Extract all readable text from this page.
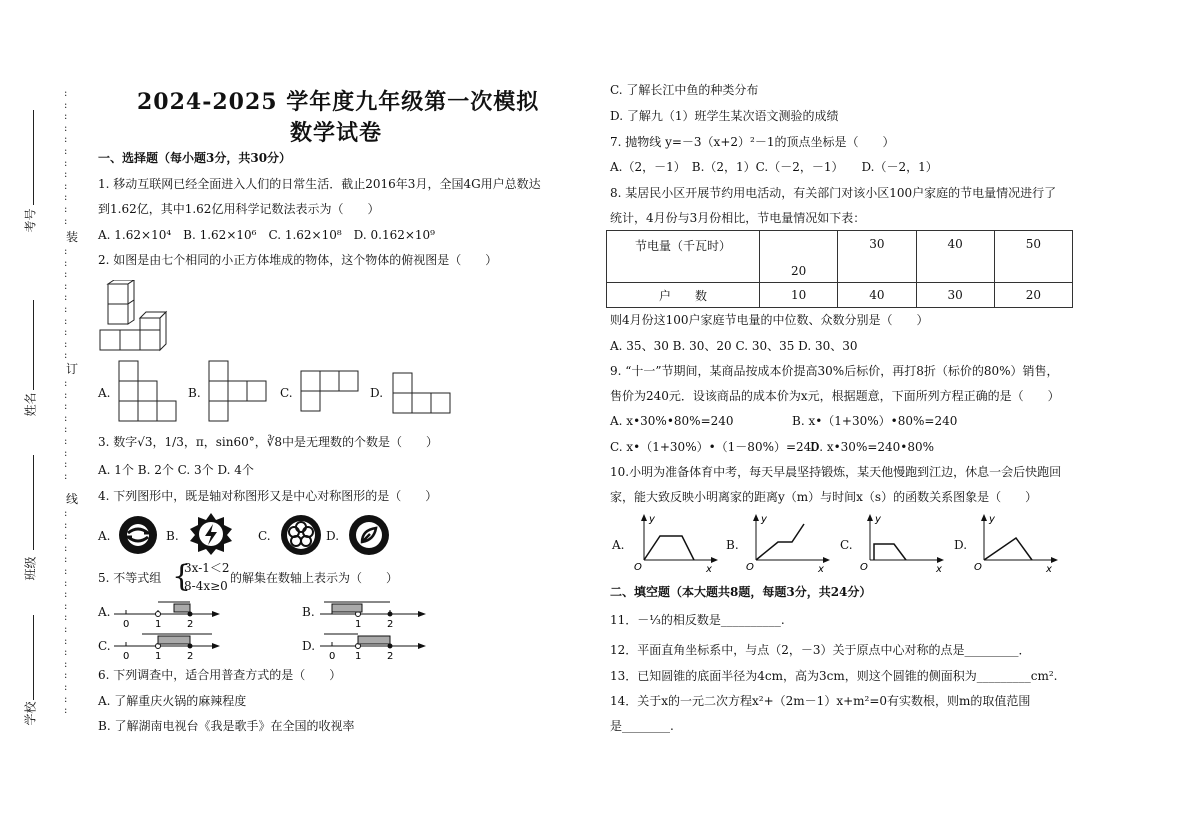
考号
姓名
班级
学校
:
:
:
:
:
:
:
:
:
:
:
:
装
:
:
:
:
:
:
:
:
:
:
订
:
:
:
:
:
:
:
:
:
线
:
:
:
:
:
:
:
:
:
:
:
:
:
:
:
:
:
:
2024-2025 学年度九年级第一次模拟
数学试卷
一、选择题（每小题3分，共30分）
1. 移动互联网已经全面进入人们的日常生活．截止2016年3月，全国4G用户总数达
到1.62亿，其中1.62亿用科学记数法表示为（　　）
A. 1.62×10⁴　B. 1.62×10⁶　C. 1.62×10⁸　D. 0.162×10⁹
2. 如图是由七个相同的小正方体堆成的物体，这个物体的俯视图是（　　）
A.	B.	C.	D.
3. 数字√3，1/3，π，sin60°，∛8中是无理数的个数是（　　）
A. 1个 B. 2个 C. 3个 D. 4个
4. 下列图形中，既是轴对称图形又是中心对称图形的是（　　）
A.	B.	C.	D.
5. 不等式组 {
3x-1＜2
8-4x≥0
的解集在数轴上表示为（　　）
A.
0	1	2
B.
1	2
C.
0	1	2
D.
0 1	2
6. 下列调查中，适合用普查方式的是（　　）
A. 了解重庆火锅的麻辣程度
B. 了解湖南电视台《我是歌手》在全国的收视率
C. 了解长江中鱼的种类分布
D. 了解九（1）班学生某次语文测验的成绩
7. 抛物线 y=－3（x+2）²－1的顶点坐标是（　　）
A.（2，－1）　B.（2，1）C.（－2，－1）　　D.（－2，1）
8. 某居民小区开展节约用电活动，有关部门对该小区100户家庭的节电量情况进行了
统计，4月份与3月份相比，节电量情况如下表：
节电量（千瓦时）	20	30	40	50
户　　数	10	40	30	20
则4月份这100户家庭节电量的中位数、众数分别是（　　）
A. 35、30 B. 30、20 C. 30、35 D. 30、30
9. “十一”节期间，某商品按成本价提高30%后标价，再打8折（标价的80%）销售，
售价为240元．设该商品的成本价为x元，根据题意，下面所列方程正确的是（　　）
A. x•30%•80%=240	B. x•（1+30%）•80%=240
C. x•（1+30%）•（1－80%）=240
D. x•30%=240•80%
10.小明为准备体育中考，每天早晨坚持锻炼，某天他慢跑到江边，休息一会后快跑回
家，能大致反映小明离家的距离y（m）与时间x（s）的函数关系图象是（　　）
A.
y
x
O
B.
y
x
O
C.
y
x
O
D.
y
x
O
二、填空题（本大题共8题，每题3分，共24分）
11．－⅓的相反数是__________.
12．平面直角坐标系中，与点（2，－3）关于原点中心对称的点是_________．
13．已知圆锥的底面半径为4cm，高为3cm，则这个圆锥的侧面积为_________cm².
14．关于x的一元二次方程x²+（2m－1）x+m²=0有实数根，则m的取值范围
是________.
